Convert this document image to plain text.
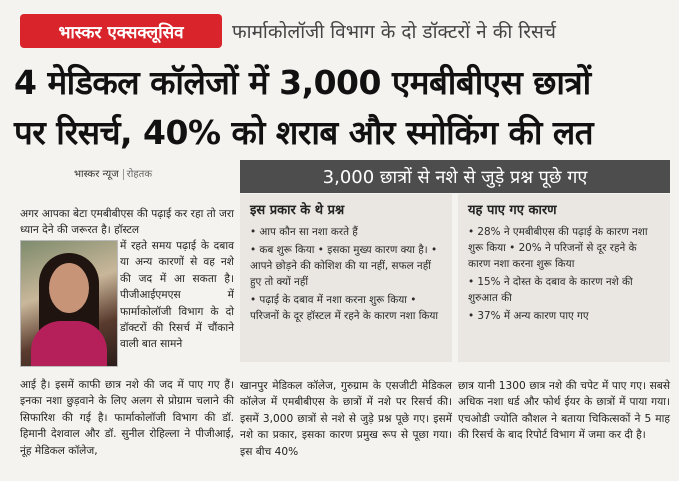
भास्कर एक्सक्लूसिव	फार्माकोलॉजी विभाग के दो डॉक्टरों ने की रिसर्च
4 मेडिकल कॉलेजों में 3,000 एमबीबीएस छात्रों
पर रिसर्च, 40% को शराब और स्मोकिंग की लत
भास्कर न्यूज रोहतक	3,000 छात्रों से नशे से जुड़े प्रश्न पूछे गए
अगर आपका बेटा एमबीबीएस की पढ़ाई कर रहा तो जरा ध्यान देने की जरूरत है। हॉस्टल
में रहते समय पढ़ाई के दबाव या अन्य कारणों से वह नशे की जद में आ सकता है। पीजीआईएमएस में फार्माकोलॉजी विभाग के दो डॉक्टरों की रिसर्च में चौंकाने वाली बात सामने
आई है। इसमें काफी छात्र नशे की जद में पाए गए हैं। इनका नशा छुड़वाने के लिए अलग से प्रोग्राम चलाने की सिफारिश की गई है। फार्माकोलॉजी विभाग की डॉ. हिमानी देशवाल और डॉ. सुनील रोहिल्ला ने पीजीआई, नूंह मेडिकल कॉलेज,
इस प्रकार के थे प्रश्न
• आप कौन सा नशा करते हैं
• कब शुरू किया • इसका मुख्य कारण क्या है। • आपने छोड़ने की कोशिश की या नहीं, सफल नहीं हुए तो क्यों नहीं
• पढ़ाई के दबाव में नशा करना शुरू किया • परिजनों के दूर हॉस्टल में रहने के कारण नशा किया
यह पाए गए कारण
• 28% ने एमबीबीएस की पढ़ाई के कारण नशा शुरू किया • 20% ने परिजनों से दूर रहने के कारण नशा करना शुरू किया
• 15% ने दोस्त के दबाव के कारण नशे की शुरुआत की
• 37% में अन्य कारण पाए गए
खानपुर मेडिकल कॉलेज, गुरुग्राम के एसजीटी मेडिकल कॉलेज में एमबीबीएस के छात्रों में नशे पर रिसर्च की। इसमें 3,000 छात्रों से नशे से जुड़े प्रश्न पूछे गए। इसमें नशे का प्रकार, इसका कारण प्रमुख रूप से पूछा गया। इस बीच 40%
छात्र यानी 1300 छात्र नशे की चपेट में पाए गए। सबसे अधिक नशा धर्ड और फोर्थ ईयर के छात्रों में पाया गया। एचओडी ज्योति कौशल ने बताया चिकित्सकों ने 5 माह की रिसर्च के बाद रिपोर्ट विभाग में जमा कर दी है।
